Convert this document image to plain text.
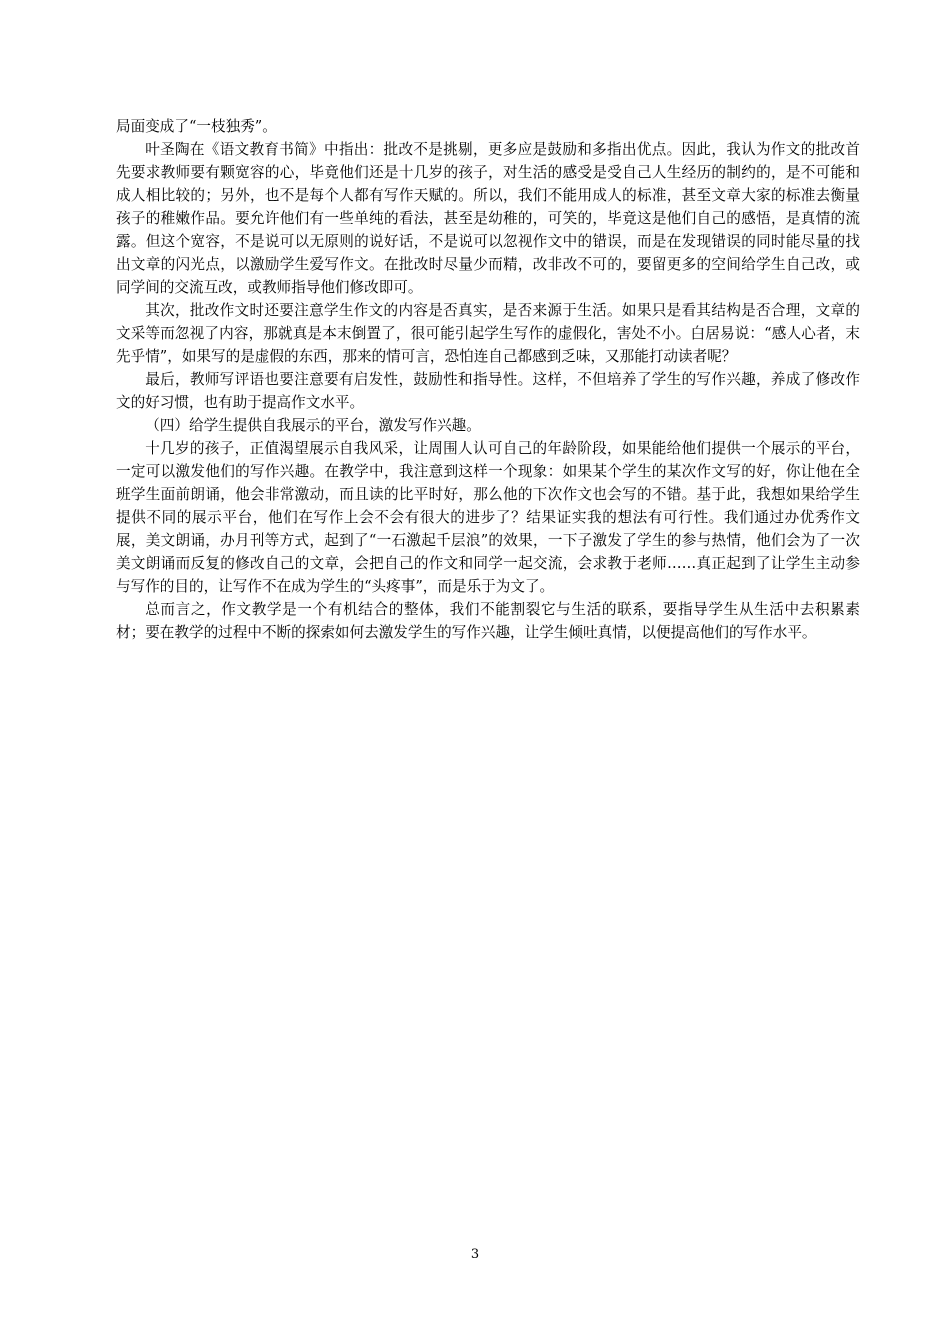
局面变成了“一枝独秀”。

叶圣陶在《语文教育书简》中指出：批改不是挑剔，更多应是鼓励和多指出优点。因此，我认为作文的批改首先要求教师要有颗宽容的心，毕竟他们还是十几岁的孩子，对生活的感受是受自己人生经历的制约的，是不可能和成人相比较的；另外，也不是每个人都有写作天赋的。所以，我们不能用成人的标准，甚至文章大家的标准去衡量孩子的稚嫩作品。要允许他们有一些单纯的看法，甚至是幼稚的，可笑的，毕竟这是他们自己的感悟，是真情的流露。但这个宽容，不是说可以无原则的说好话，不是说可以忽视作文中的错误，而是在发现错误的同时能尽量的找出文章的闪光点，以激励学生爱写作文。在批改时尽量少而精，改非改不可的，要留更多的空间给学生自己改，或同学间的交流互改，或教师指导他们修改即可。

其次，批改作文时还要注意学生作文的内容是否真实，是否来源于生活。如果只是看其结构是否合理，文章的文采等而忽视了内容，那就真是本末倒置了，很可能引起学生写作的虚假化，害处不小。白居易说：“感人心者，末先乎情”，如果写的是虚假的东西，那来的情可言，恐怕连自己都感到乏味，又那能打动读者呢？

最后，教师写评语也要注意要有启发性，鼓励性和指导性。这样，不但培养了学生的写作兴趣，养成了修改作文的好习惯，也有助于提高作文水平。

（四）给学生提供自我展示的平台，激发写作兴趣。

十几岁的孩子，正值渴望展示自我风采，让周围人认可自己的年龄阶段，如果能给他们提供一个展示的平台，一定可以激发他们的写作兴趣。在教学中，我注意到这样一个现象：如果某个学生的某次作文写的好，你让他在全班学生面前朗诵，他会非常激动，而且读的比平时好，那么他的下次作文也会写的不错。基于此，我想如果给学生提供不同的展示平台，他们在写作上会不会有很大的进步了？结果证实我的想法有可行性。我们通过办优秀作文展，美文朗诵，办月刊等方式，起到了“一石激起千层浪”的效果，一下子激发了学生的参与热情，他们会为了一次美文朗诵而反复的修改自己的文章，会把自己的作文和同学一起交流，会求教于老师……真正起到了让学生主动参与写作的目的，让写作不在成为学生的“头疼事”，而是乐于为文了。

总而言之，作文教学是一个有机结合的整体，我们不能割裂它与生活的联系，要指导学生从生活中去积累素材；要在教学的过程中不断的探索如何去激发学生的写作兴趣，让学生倾吐真情，以便提高他们的写作水平。

3
